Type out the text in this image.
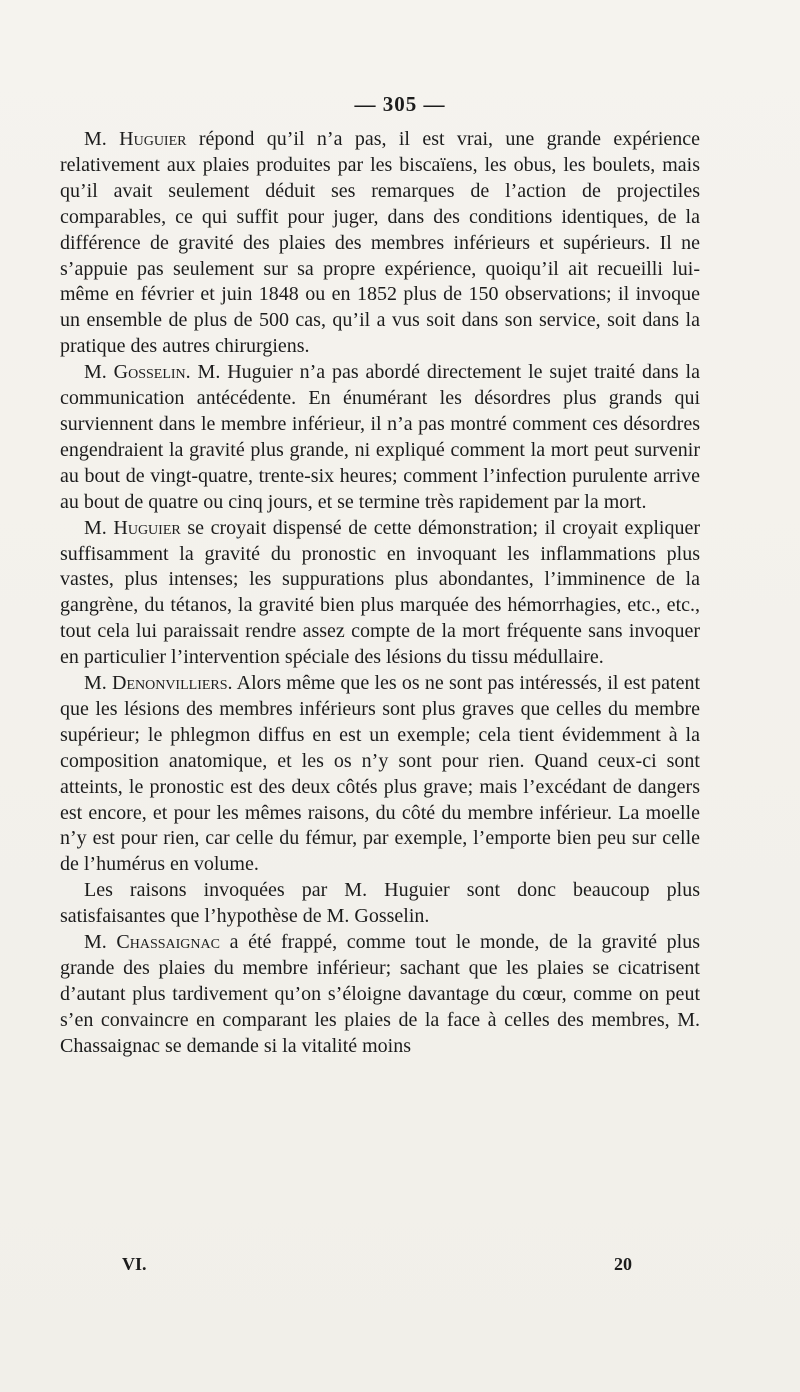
— 305 —

M. Huguier répond qu’il n’a pas, il est vrai, une grande expérience relativement aux plaies produites par les biscaïens, les obus, les boulets, mais qu’il avait seulement déduit ses remarques de l’action de projectiles comparables, ce qui suffit pour juger, dans des conditions identiques, de la différence de gravité des plaies des membres inférieurs et supérieurs. Il ne s’appuie pas seulement sur sa propre expérience, quoiqu’il ait recueilli lui-même en février et juin 1848 ou en 1852 plus de 150 observations; il invoque un ensemble de plus de 500 cas, qu’il a vus soit dans son service, soit dans la pratique des autres chirurgiens.

M. Gosselin. M. Huguier n’a pas abordé directement le sujet traité dans la communication antécédente. En énumérant les désordres plus grands qui surviennent dans le membre inférieur, il n’a pas montré comment ces désordres engendraient la gravité plus grande, ni expliqué comment la mort peut survenir au bout de vingt-quatre, trente-six heures; comment l’infection purulente arrive au bout de quatre ou cinq jours, et se termine très rapidement par la mort.

M. Huguier se croyait dispensé de cette démonstration; il croyait expliquer suffisamment la gravité du pronostic en invoquant les inflammations plus vastes, plus intenses; les suppurations plus abondantes, l’imminence de la gangrène, du tétanos, la gravité bien plus marquée des hémorrhagies, etc., etc., tout cela lui paraissait rendre assez compte de la mort fréquente sans invoquer en particulier l’intervention spéciale des lésions du tissu médullaire.

M. Denonvilliers. Alors même que les os ne sont pas intéressés, il est patent que les lésions des membres inférieurs sont plus graves que celles du membre supérieur; le phlegmon diffus en est un exemple; cela tient évidemment à la composition anatomique, et les os n’y sont pour rien. Quand ceux-ci sont atteints, le pronostic est des deux côtés plus grave; mais l’excédant de dangers est encore, et pour les mêmes raisons, du côté du membre inférieur. La moelle n’y est pour rien, car celle du fémur, par exemple, l’emporte bien peu sur celle de l’humérus en volume.

Les raisons invoquées par M. Huguier sont donc beaucoup plus satisfaisantes que l’hypothèse de M. Gosselin.

M. Chassaignac a été frappé, comme tout le monde, de la gravité plus grande des plaies du membre inférieur; sachant que les plaies se cicatrisent d’autant plus tardivement qu’on s’éloigne davantage du cœur, comme on peut s’en convaincre en comparant les plaies de la face à celles des membres, M. Chassaignac se demande si la vitalité moins

VI.	20
